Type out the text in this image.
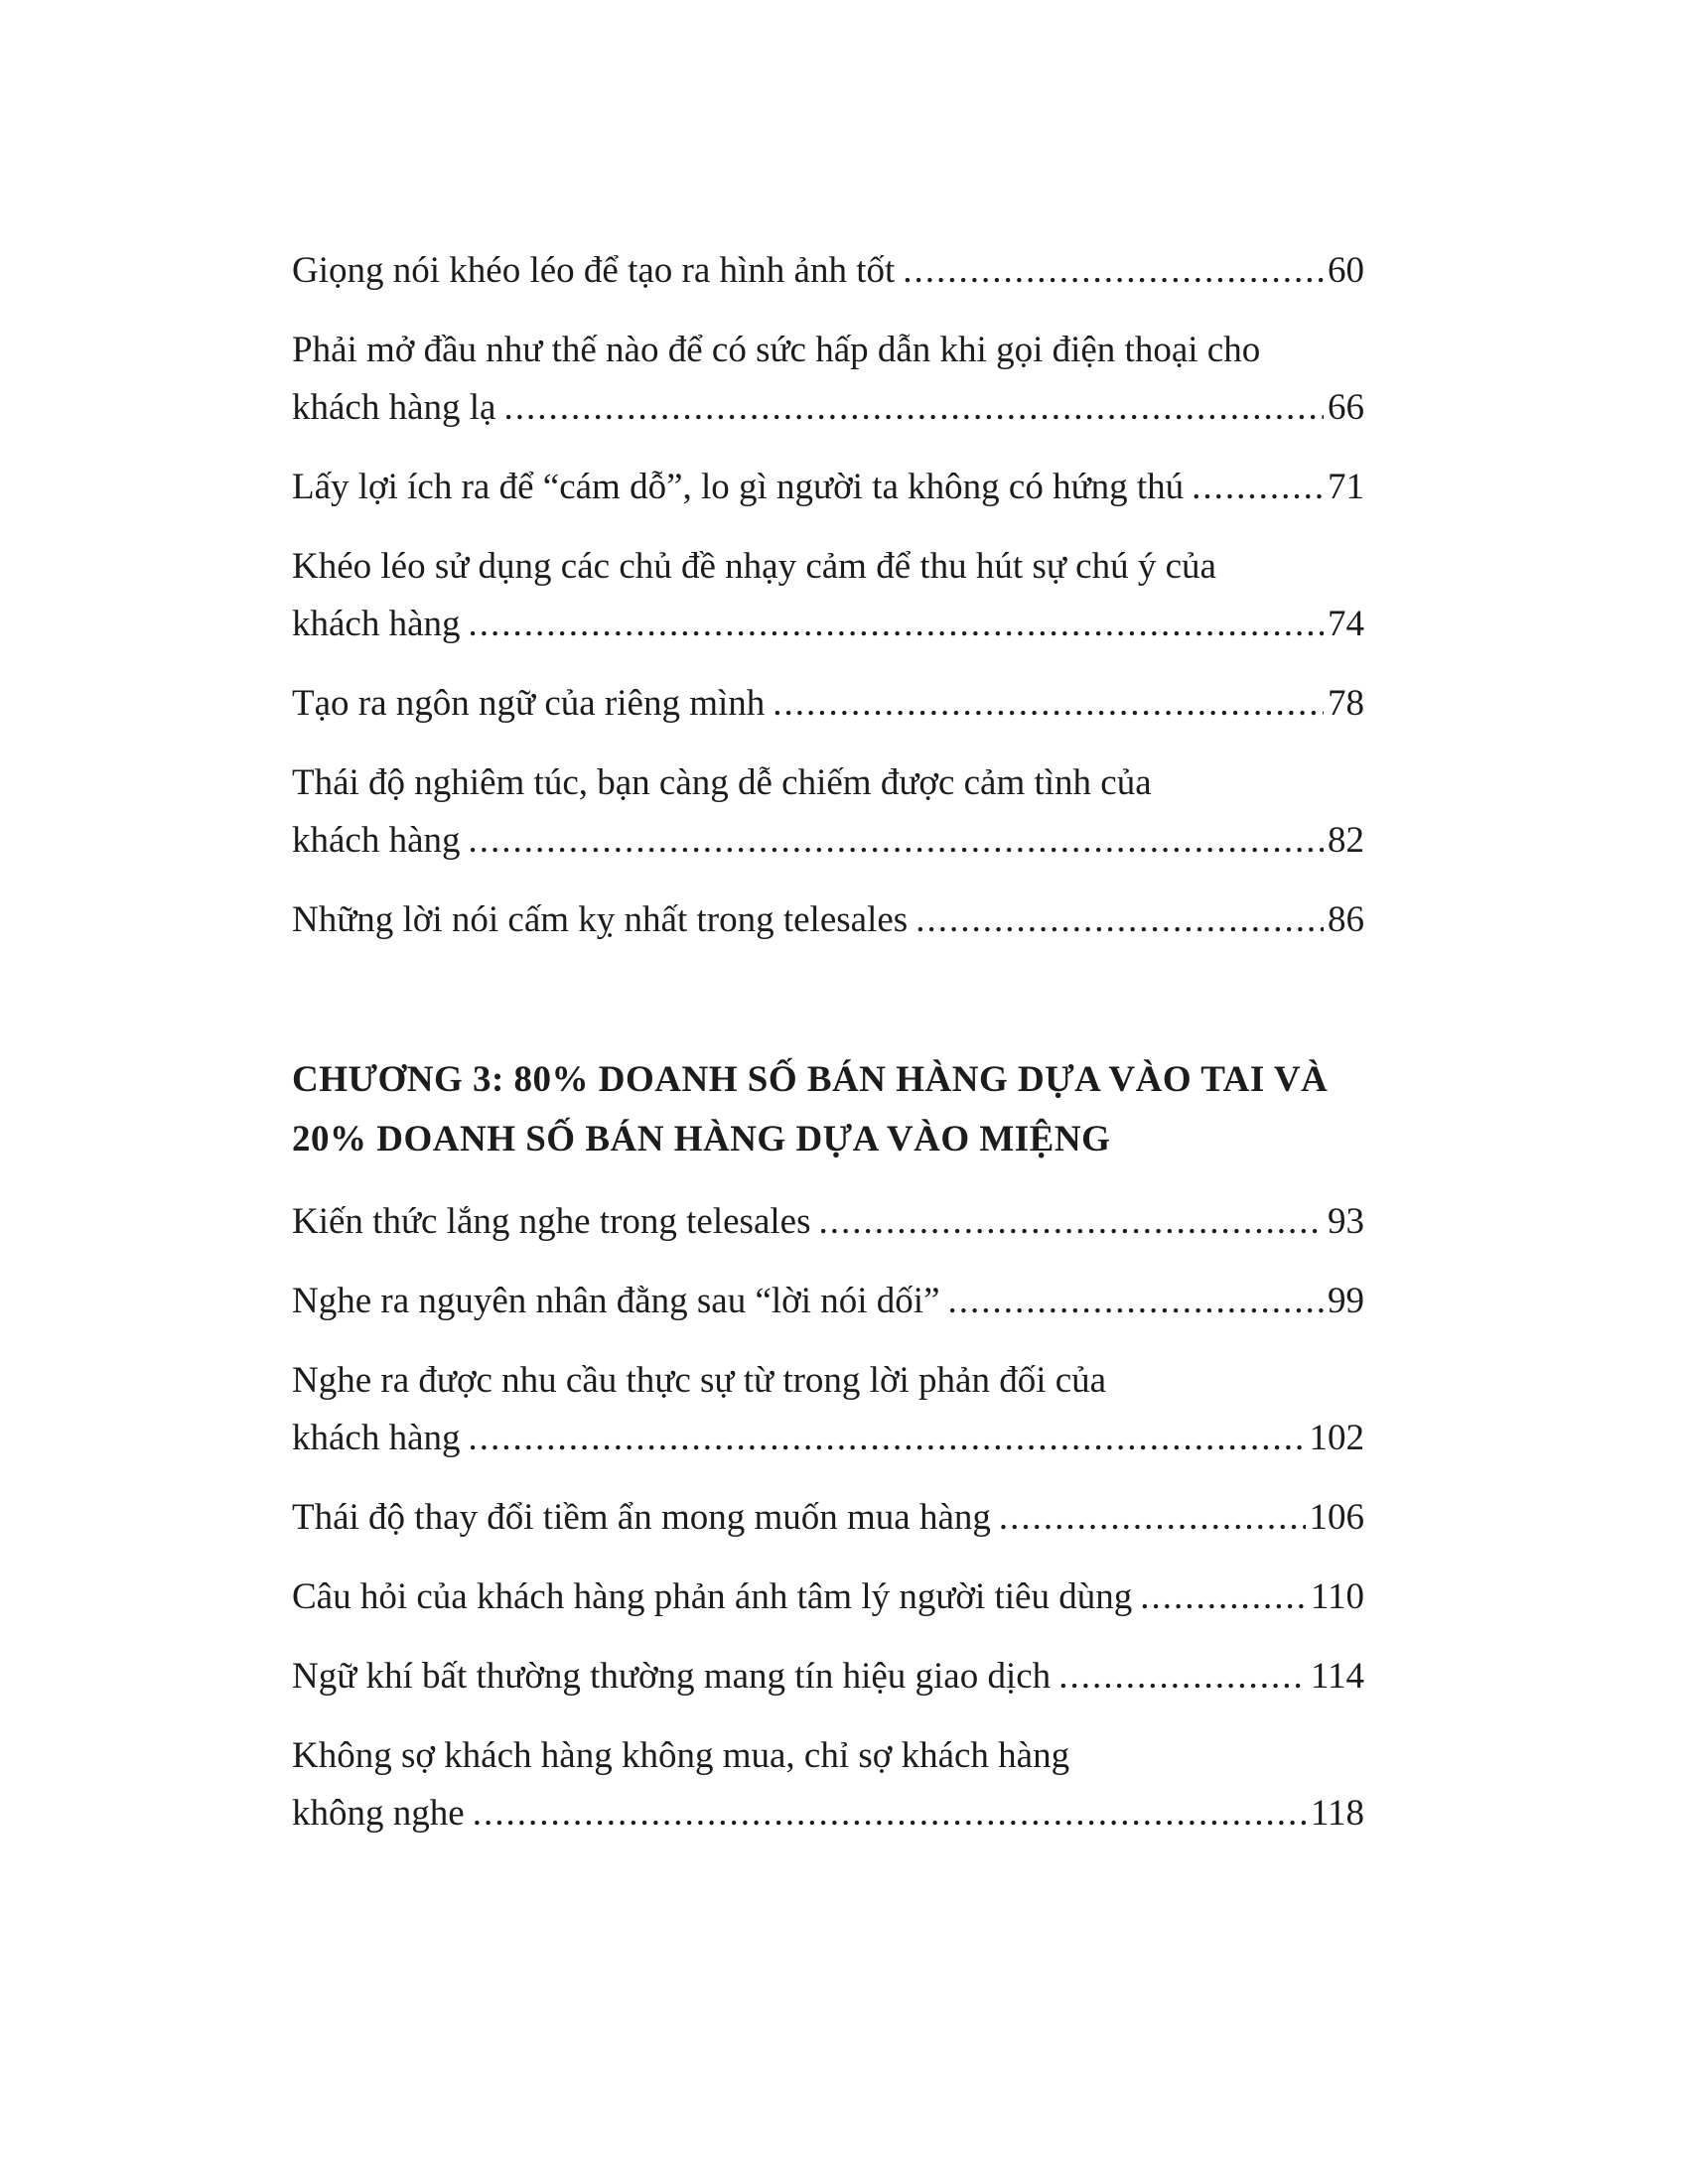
Giọng nói khéo léo để tạo ra hình ảnh tốt .....	60
Phải mở đầu như thế nào để có sức hấp dẫn khi gọi điện thoại cho
khách hàng lạ .....	66
Lấy lợi ích ra để “cám dỗ”, lo gì người ta không có hứng thú .....	71
Khéo léo sử dụng các chủ đề nhạy cảm để thu hút sự chú ý của
khách hàng .....	74
Tạo ra ngôn ngữ của riêng mình .....	78
Thái độ nghiêm túc, bạn càng dễ chiếm được cảm tình của
khách hàng .....	82
Những lời nói cấm kỵ nhất trong telesales .....	86
CHƯƠNG 3: 80% DOANH SỐ BÁN HÀNG DỰA VÀO TAI VÀ
20% DOANH SỐ BÁN HÀNG DỰA VÀO MIỆNG
Kiến thức lắng nghe trong telesales .....	93
Nghe ra nguyên nhân đằng sau “lời nói dối” .....	99
Nghe ra được nhu cầu thực sự từ trong lời phản đối của
khách hàng .....	102
Thái độ thay đổi tiềm ẩn mong muốn mua hàng .....	106
Câu hỏi của khách hàng phản ánh tâm lý người tiêu dùng .....	110
Ngữ khí bất thường thường mang tín hiệu giao dịch .....	114
Không sợ khách hàng không mua, chỉ sợ khách hàng
không nghe .....	118
